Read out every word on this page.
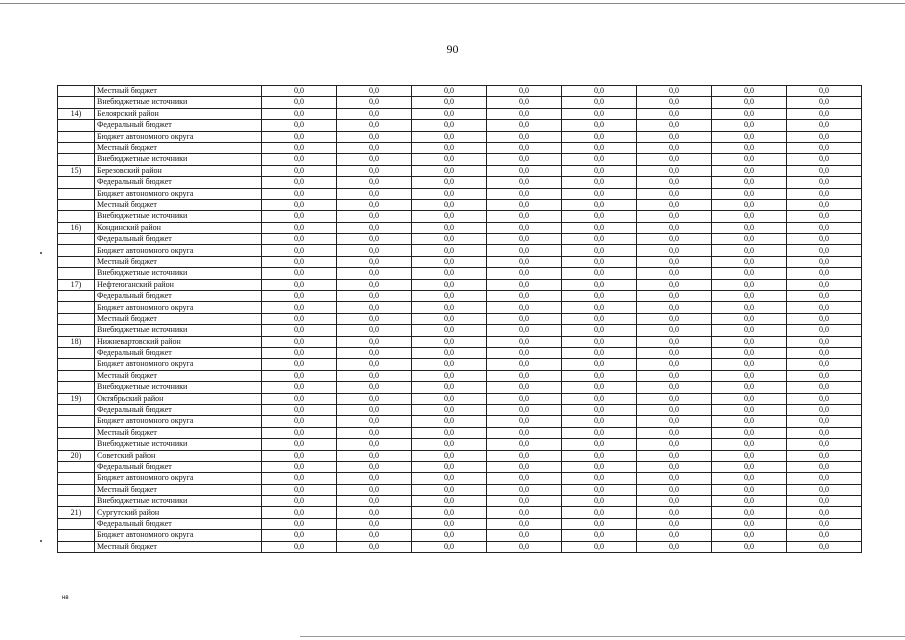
90
	Местный бюджет	0,0	0,0	0,0	0,0	0,0	0,0	0,0	0,0
	Внебюджетные источники	0,0	0,0	0,0	0,0	0,0	0,0	0,0	0,0
14)	Белоярский район	0,0	0,0	0,0	0,0	0,0	0,0	0,0	0,0
	Федеральный бюджет	0,0	0,0	0,0	0,0	0,0	0,0	0,0	0,0
	Бюджет автономного округа	0,0	0,0	0,0	0,0	0,0	0,0	0,0	0,0
	Местный бюджет	0,0	0,0	0,0	0,0	0,0	0,0	0,0	0,0
	Внебюджетные источники	0,0	0,0	0,0	0,0	0,0	0,0	0,0	0,0
15)	Березовский район	0,0	0,0	0,0	0,0	0,0	0,0	0,0	0,0
	Федеральный бюджет	0,0	0,0	0,0	0,0	0,0	0,0	0,0	0,0
	Бюджет автономного округа	0,0	0,0	0,0	0,0	0,0	0,0	0,0	0,0
	Местный бюджет	0,0	0,0	0,0	0,0	0,0	0,0	0,0	0,0
	Внебюджетные источники	0,0	0,0	0,0	0,0	0,0	0,0	0,0	0,0
16)	Кондинский район	0,0	0,0	0,0	0,0	0,0	0,0	0,0	0,0
	Федеральный бюджет	0,0	0,0	0,0	0,0	0,0	0,0	0,0	0,0
	Бюджет автономного округа	0,0	0,0	0,0	0,0	0,0	0,0	0,0	0,0
	Местный бюджет	0,0	0,0	0,0	0,0	0,0	0,0	0,0	0,0
	Внебюджетные источники	0,0	0,0	0,0	0,0	0,0	0,0	0,0	0,0
17)	Нефтеюганский район	0,0	0,0	0,0	0,0	0,0	0,0	0,0	0,0
	Федеральный бюджет	0,0	0,0	0,0	0,0	0,0	0,0	0,0	0,0
	Бюджет автономного округа	0,0	0,0	0,0	0,0	0,0	0,0	0,0	0,0
	Местный бюджет	0,0	0,0	0,0	0,0	0,0	0,0	0,0	0,0
	Внебюджетные источники	0,0	0,0	0,0	0,0	0,0	0,0	0,0	0,0
18)	Нижневартовский район	0,0	0,0	0,0	0,0	0,0	0,0	0,0	0,0
	Федеральный бюджет	0,0	0,0	0,0	0,0	0,0	0,0	0,0	0,0
	Бюджет автономного округа	0,0	0,0	0,0	0,0	0,0	0,0	0,0	0,0
	Местный бюджет	0,0	0,0	0,0	0,0	0,0	0,0	0,0	0,0
	Внебюджетные источники	0,0	0,0	0,0	0,0	0,0	0,0	0,0	0,0
19)	Октябрьский район	0,0	0,0	0,0	0,0	0,0	0,0	0,0	0,0
	Федеральный бюджет	0,0	0,0	0,0	0,0	0,0	0,0	0,0	0,0
	Бюджет автономного округа	0,0	0,0	0,0	0,0	0,0	0,0	0,0	0,0
	Местный бюджет	0,0	0,0	0,0	0,0	0,0	0,0	0,0	0,0
	Внебюджетные источники	0,0	0,0	0,0	0,0	0,0	0,0	0,0	0,0
20)	Советский район	0,0	0,0	0,0	0,0	0,0	0,0	0,0	0,0
	Федеральный бюджет	0,0	0,0	0,0	0,0	0,0	0,0	0,0	0,0
	Бюджет автономного округа	0,0	0,0	0,0	0,0	0,0	0,0	0,0	0,0
	Местный бюджет	0,0	0,0	0,0	0,0	0,0	0,0	0,0	0,0
	Внебюджетные источники	0,0	0,0	0,0	0,0	0,0	0,0	0,0	0,0
21)	Сургутский район	0,0	0,0	0,0	0,0	0,0	0,0	0,0	0,0
	Федеральный бюджет	0,0	0,0	0,0	0,0	0,0	0,0	0,0	0,0
	Бюджет автономного округа	0,0	0,0	0,0	0,0	0,0	0,0	0,0	0,0
	Местный бюджет	0,0	0,0	0,0	0,0	0,0	0,0	0,0	0,0
нв
